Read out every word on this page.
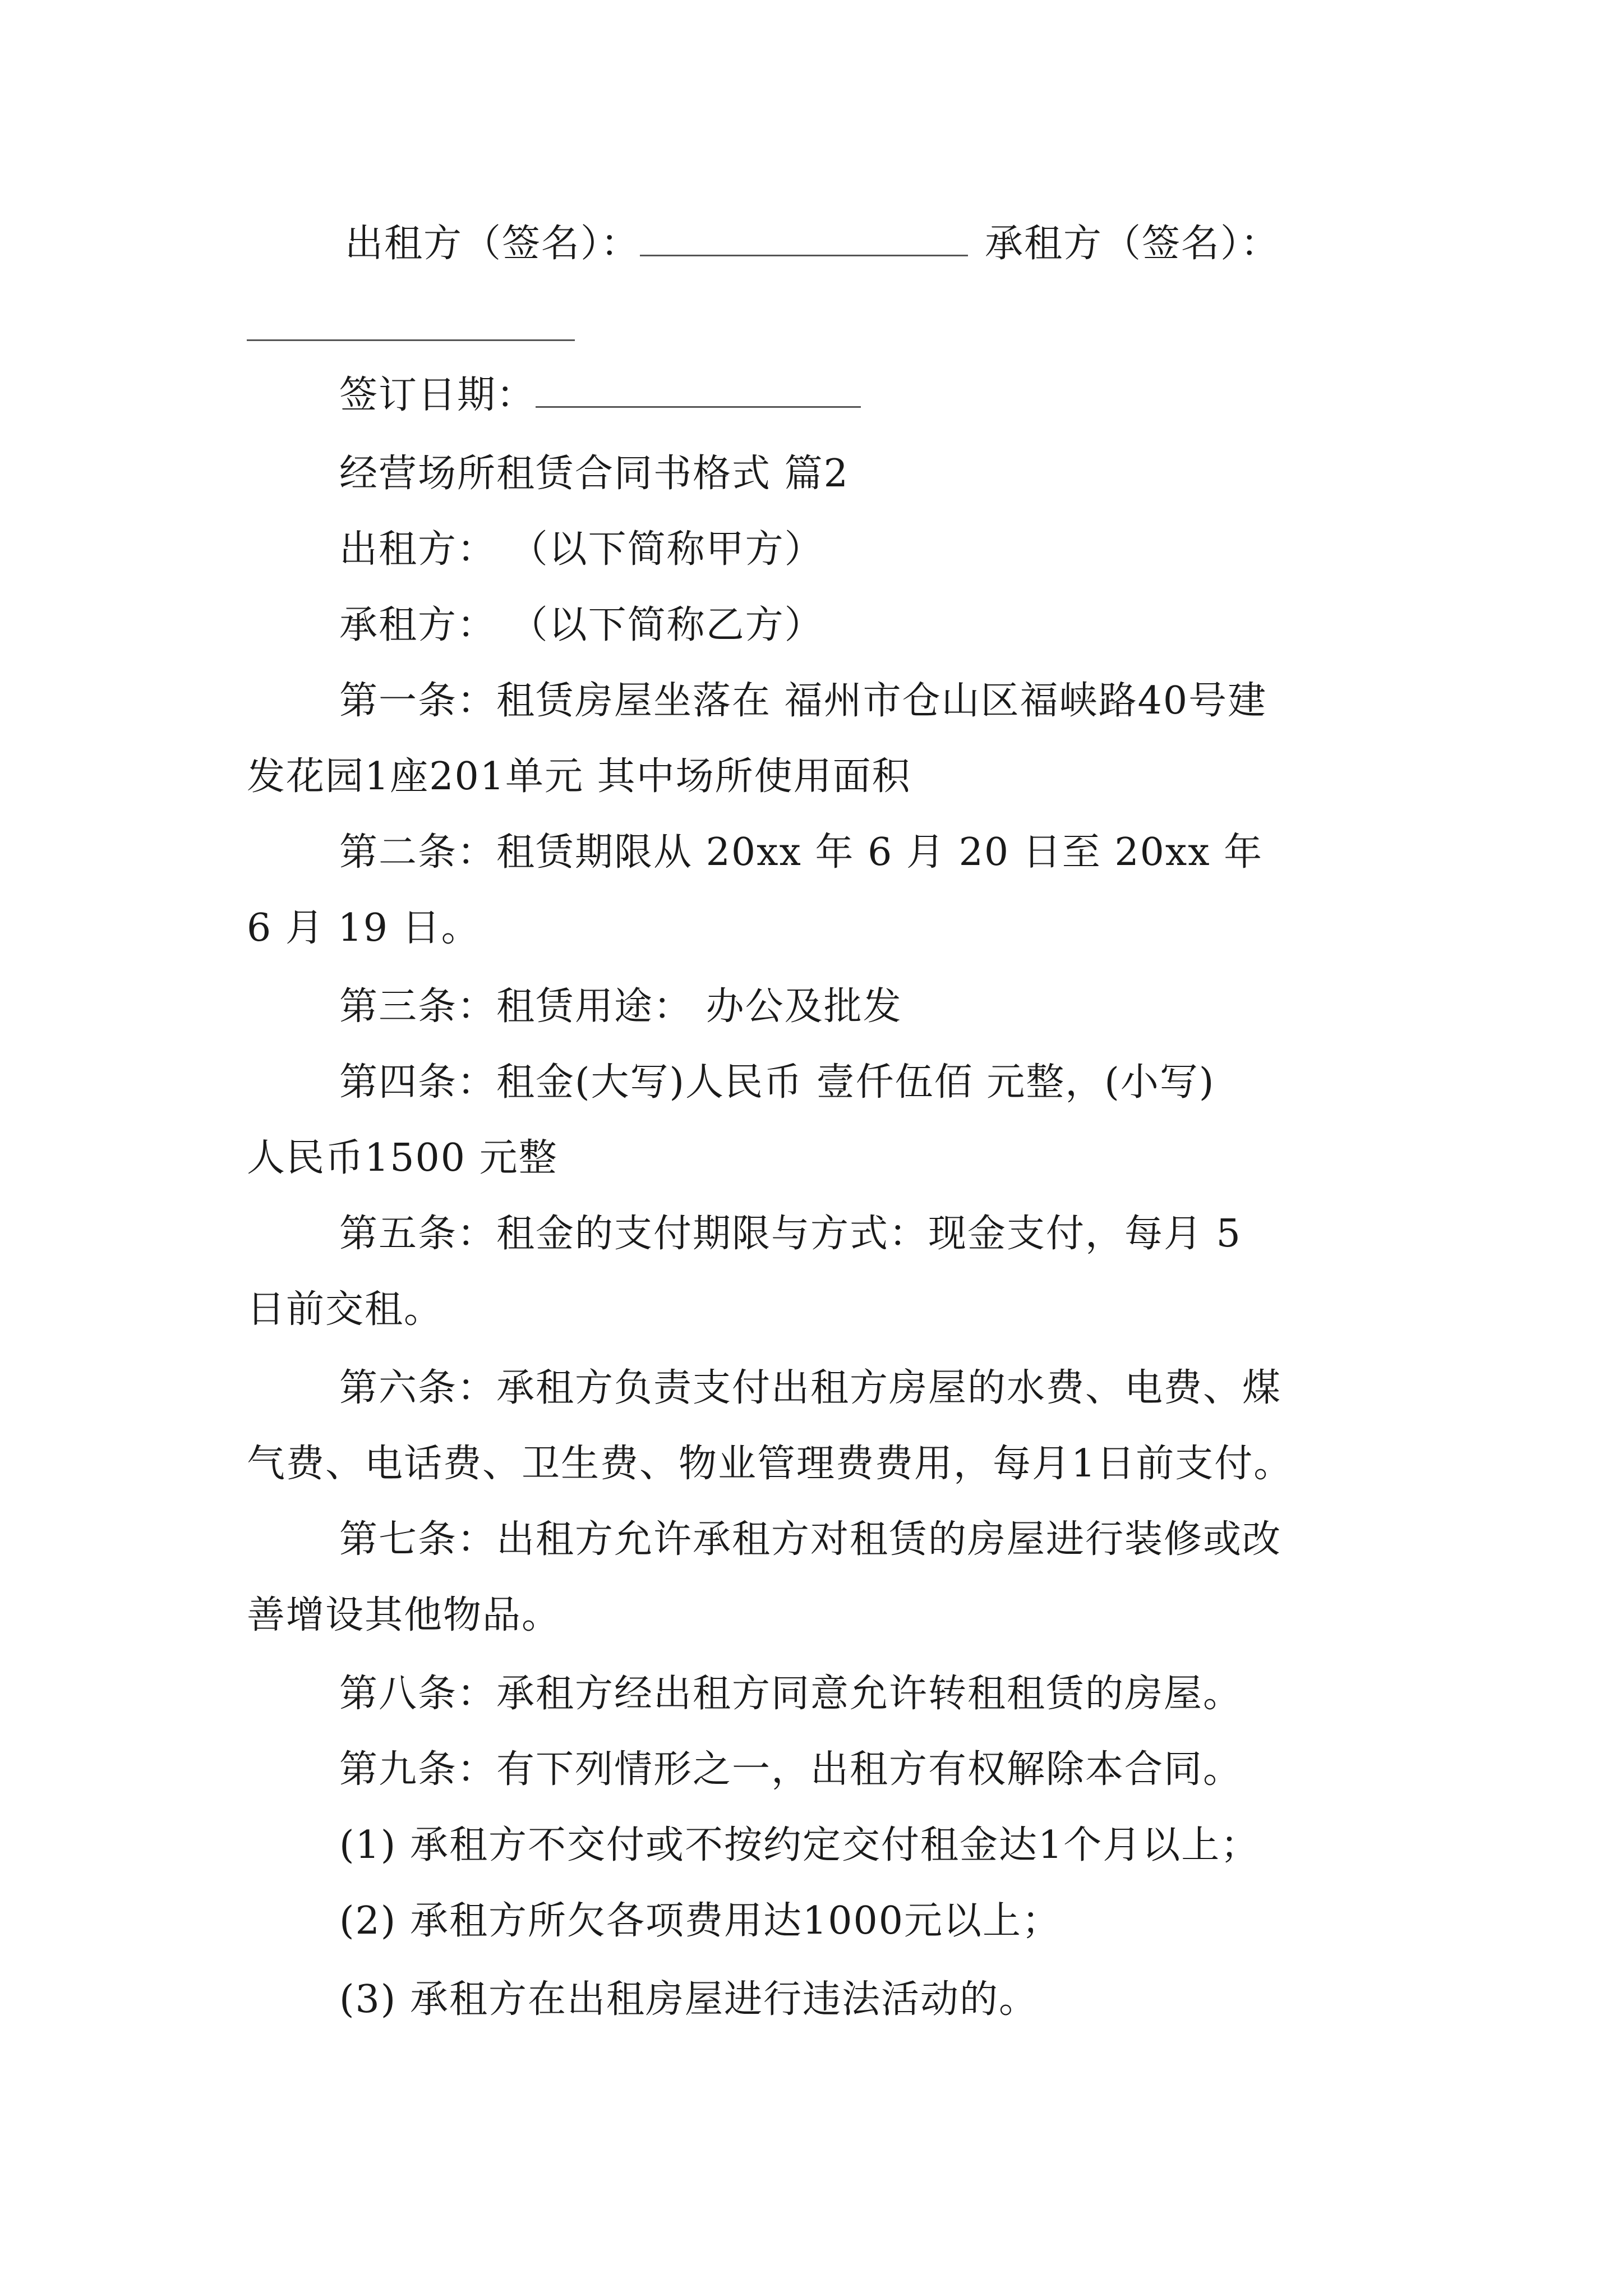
出租方（签名）：	承租方（签名）：
签订日期：
经营场所租赁合同书格式 篇2
出租方： （以下简称甲方）
承租方： （以下简称乙方）
第一条：租赁房屋坐落在 福州市仓山区福峡路40号建
发花园1座201单元 其中场所使用面积
第二条：租赁期限从 20xx 年 6 月 20 日至 20xx 年
6 月 19 日。
第三条：租赁用途： 办公及批发
第四条：租金(大写)人民币 壹仟伍佰 元整，(小写)
人民币1500 元整
第五条：租金的支付期限与方式：现金支付，每月 5
日前交租。
第六条：承租方负责支付出租方房屋的水费、电费、煤
气费、电话费、卫生费、物业管理费费用，每月1日前支付。
第七条：出租方允许承租方对租赁的房屋进行装修或改
善增设其他物品。
第八条：承租方经出租方同意允许转租租赁的房屋。
第九条：有下列情形之一，出租方有权解除本合同。
(1) 承租方不交付或不按约定交付租金达1个月以上；
(2) 承租方所欠各项费用达1000元以上；
(3) 承租方在出租房屋进行违法活动的。
